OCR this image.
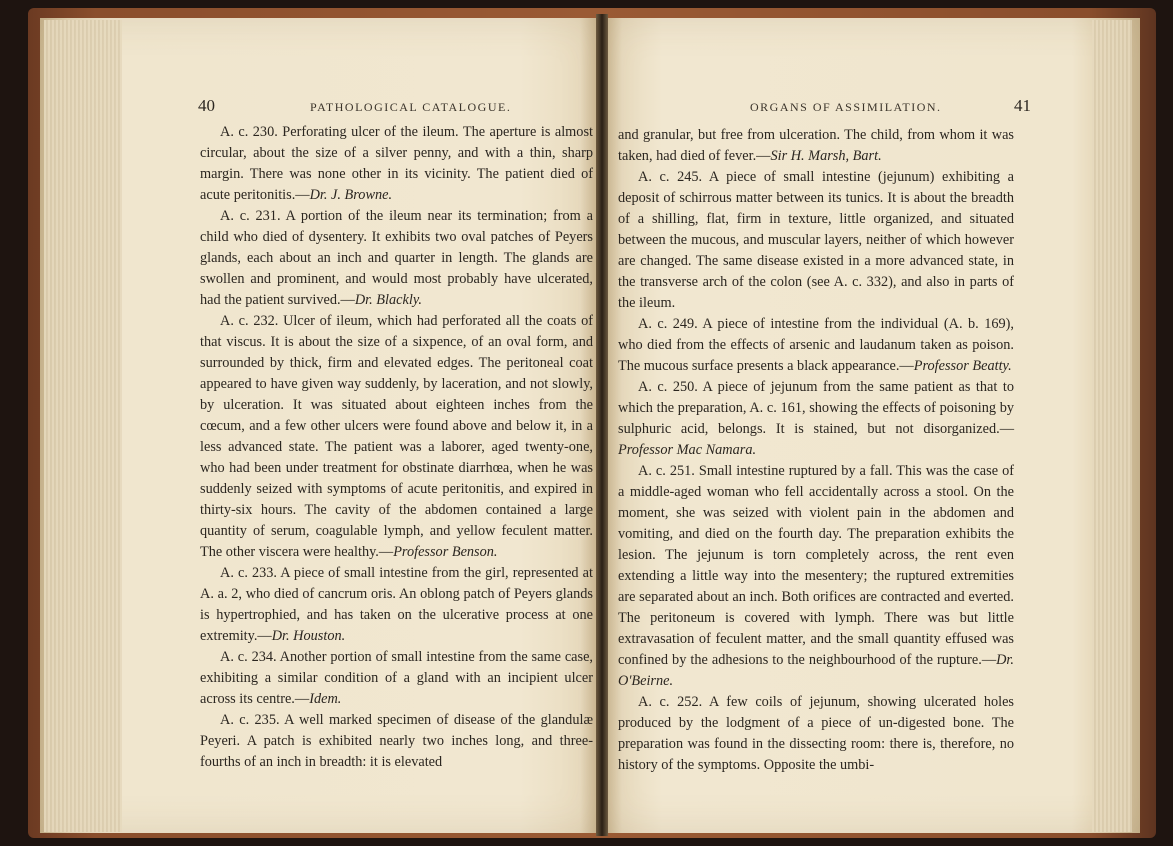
40	PATHOLOGICAL CATALOGUE.

A. c. 230. Perforating ulcer of the ileum. The aperture is almost circular, about the size of a silver penny, and with a thin, sharp margin. There was none other in its vicinity. The patient died of acute peritonitis.—Dr. J. Browne.

A. c. 231. A portion of the ileum near its termination; from a child who died of dysentery. It exhibits two oval patches of Peyers glands, each about an inch and quarter in length. The glands are swollen and prominent, and would most probably have ulcerated, had the patient survived.—Dr. Blackly.

A. c. 232. Ulcer of ileum, which had perforated all the coats of that viscus. It is about the size of a sixpence, of an oval form, and surrounded by thick, firm and elevated edges. The peritoneal coat appeared to have given way suddenly, by laceration, and not slowly, by ulceration. It was situated about eighteen inches from the cœcum, and a few other ulcers were found above and below it, in a less advanced state. The patient was a laborer, aged twenty-one, who had been under treatment for obstinate diarrhœa, when he was suddenly seized with symptoms of acute peritonitis, and expired in thirty-six hours. The cavity of the abdomen contained a large quantity of serum, coagulable lymph, and yellow feculent matter. The other viscera were healthy.—Professor Benson.

A. c. 233. A piece of small intestine from the girl, represented at A. a. 2, who died of cancrum oris. An oblong patch of Peyers glands is hypertrophied, and has taken on the ulcerative process at one extremity.—Dr. Houston.

A. c. 234. Another portion of small intestine from the same case, exhibiting a similar condition of a gland with an incipient ulcer across its centre.—Idem.

A. c. 235. A well marked specimen of disease of the glandulæ Peyeri. A patch is exhibited nearly two inches long, and three-fourths of an inch in breadth: it is elevated

ORGANS OF ASSIMILATION.	41

and granular, but free from ulceration. The child, from whom it was taken, had died of fever.—Sir H. Marsh, Bart.

A. c. 245. A piece of small intestine (jejunum) exhibiting a deposit of schirrous matter between its tunics. It is about the breadth of a shilling, flat, firm in texture, little organized, and situated between the mucous, and muscular layers, neither of which however are changed. The same disease existed in a more advanced state, in the transverse arch of the colon (see A. c. 332), and also in parts of the ileum.

A. c. 249. A piece of intestine from the individual (A. b. 169), who died from the effects of arsenic and laudanum taken as poison. The mucous surface presents a black appearance.—Professor Beatty.

A. c. 250. A piece of jejunum from the same patient as that to which the preparation, A. c. 161, showing the effects of poisoning by sulphuric acid, belongs. It is stained, but not disorganized.—Professor Mac Namara.

A. c. 251. Small intestine ruptured by a fall. This was the case of a middle-aged woman who fell accidentally across a stool. On the moment, she was seized with violent pain in the abdomen and vomiting, and died on the fourth day. The preparation exhibits the lesion. The jejunum is torn completely across, the rent even extending a little way into the mesentery; the ruptured extremities are separated about an inch. Both orifices are contracted and everted. The peritoneum is covered with lymph. There was but little extravasation of feculent matter, and the small quantity effused was confined by the adhesions to the neighbourhood of the rupture.—Dr. O'Beirne.

A. c. 252. A few coils of jejunum, showing ulcerated holes produced by the lodgment of a piece of un-digested bone. The preparation was found in the dissecting room: there is, therefore, no history of the symptoms. Opposite the umbi-
